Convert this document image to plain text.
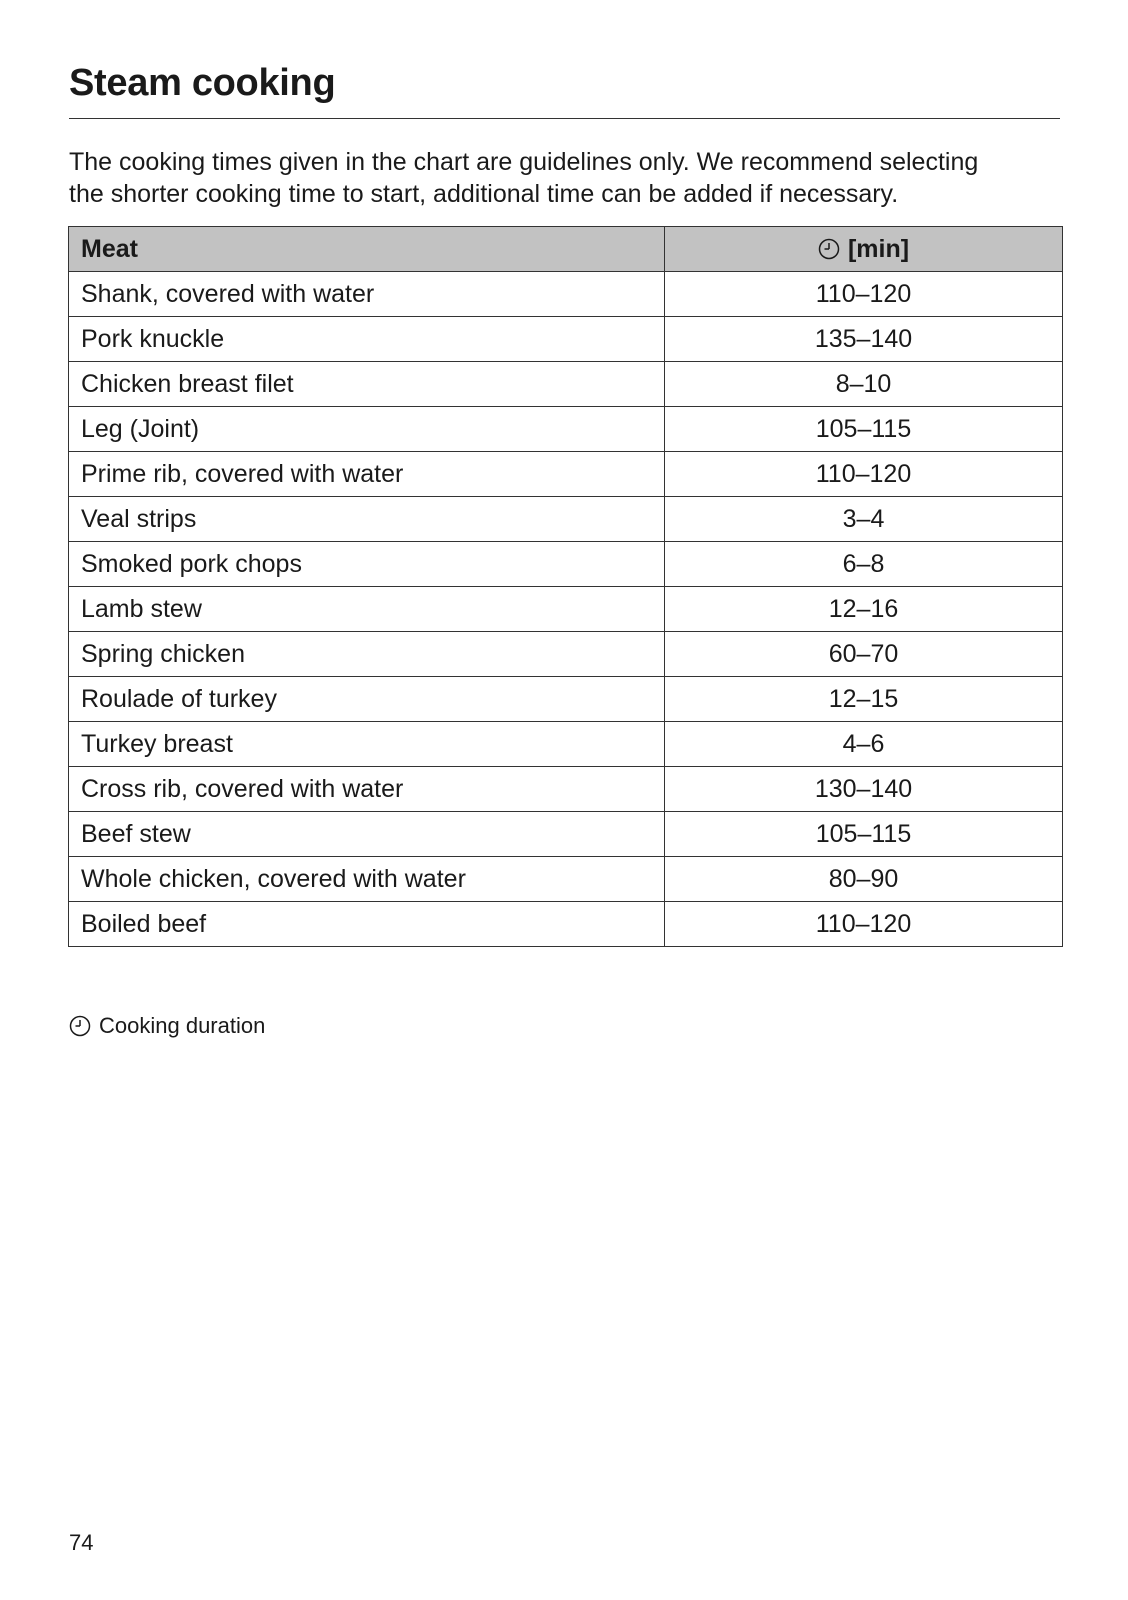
Steam cooking

The cooking times given in the chart are guidelines only. We recommend selecting
the shorter cooking time to start, additional time can be added if necessary.

Meat	[min]
Shank, covered with water	110–120
Pork knuckle	135–140
Chicken breast filet	8–10
Leg (Joint)	105–115
Prime rib, covered with water	110–120
Veal strips	3–4
Smoked pork chops	6–8
Lamb stew	12–16
Spring chicken	60–70
Roulade of turkey	12–15
Turkey breast	4–6
Cross rib, covered with water	130–140
Beef stew	105–115
Whole chicken, covered with water	80–90
Boiled beef	110–120
Cooking duration
74
